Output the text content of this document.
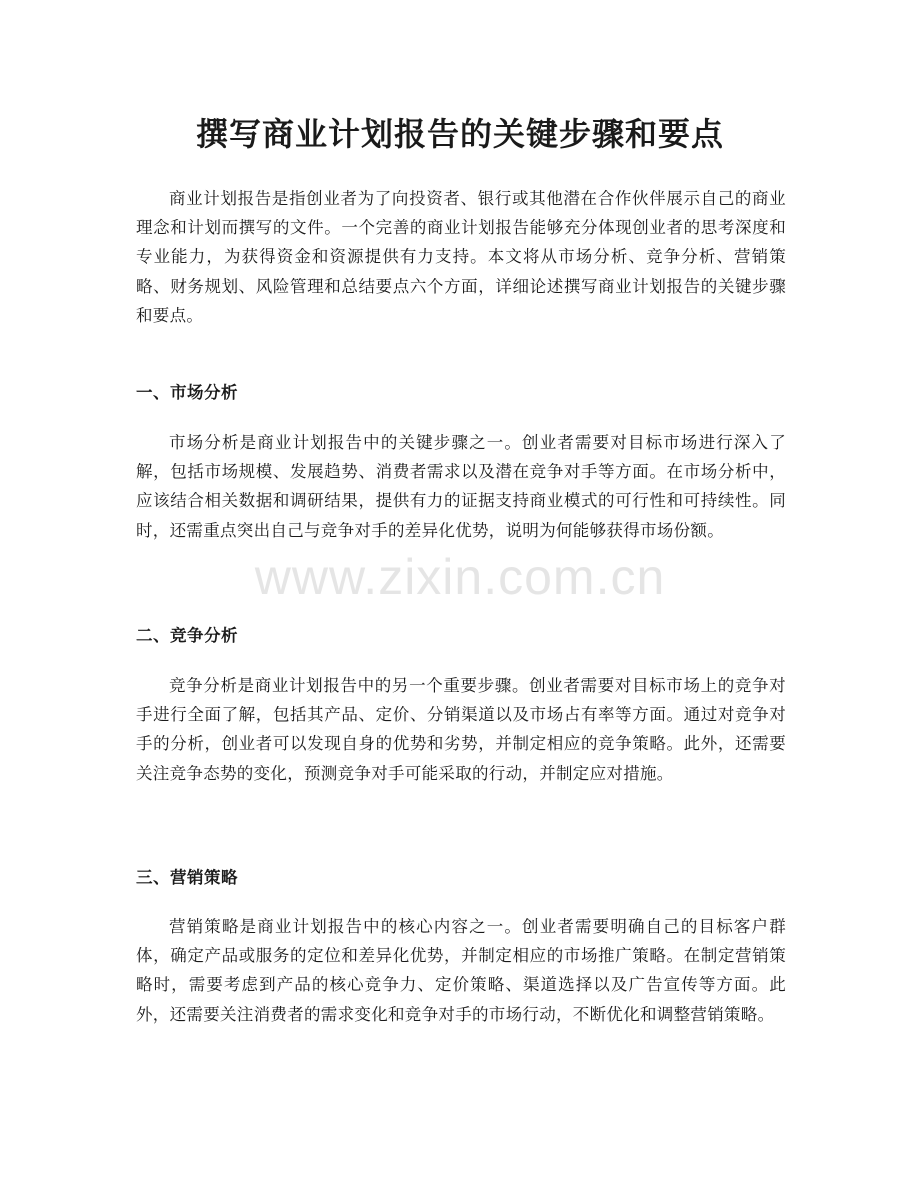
撰写商业计划报告的关键步骤和要点

商业计划报告是指创业者为了向投资者、银行或其他潜在合作伙伴展示自己的商业理念和计划而撰写的文件。一个完善的商业计划报告能够充分体现创业者的思考深度和专业能力，为获得资金和资源提供有力支持。本文将从市场分析、竞争分析、营销策略、财务规划、风险管理和总结要点六个方面，详细论述撰写商业计划报告的关键步骤和要点。

一、市场分析

市场分析是商业计划报告中的关键步骤之一。创业者需要对目标市场进行深入了解，包括市场规模、发展趋势、消费者需求以及潜在竞争对手等方面。在市场分析中，应该结合相关数据和调研结果，提供有力的证据支持商业模式的可行性和可持续性。同时，还需重点突出自己与竞争对手的差异化优势，说明为何能够获得市场份额。

二、竞争分析

竞争分析是商业计划报告中的另一个重要步骤。创业者需要对目标市场上的竞争对手进行全面了解，包括其产品、定价、分销渠道以及市场占有率等方面。通过对竞争对手的分析，创业者可以发现自身的优势和劣势，并制定相应的竞争策略。此外，还需要关注竞争态势的变化，预测竞争对手可能采取的行动，并制定应对措施。

三、营销策略

营销策略是商业计划报告中的核心内容之一。创业者需要明确自己的目标客户群体，确定产品或服务的定位和差异化优势，并制定相应的市场推广策略。在制定营销策略时，需要考虑到产品的核心竞争力、定价策略、渠道选择以及广告宣传等方面。此外，还需要关注消费者的需求变化和竞争对手的市场行动，不断优化和调整营销策略。

www.zixin.com.cn
